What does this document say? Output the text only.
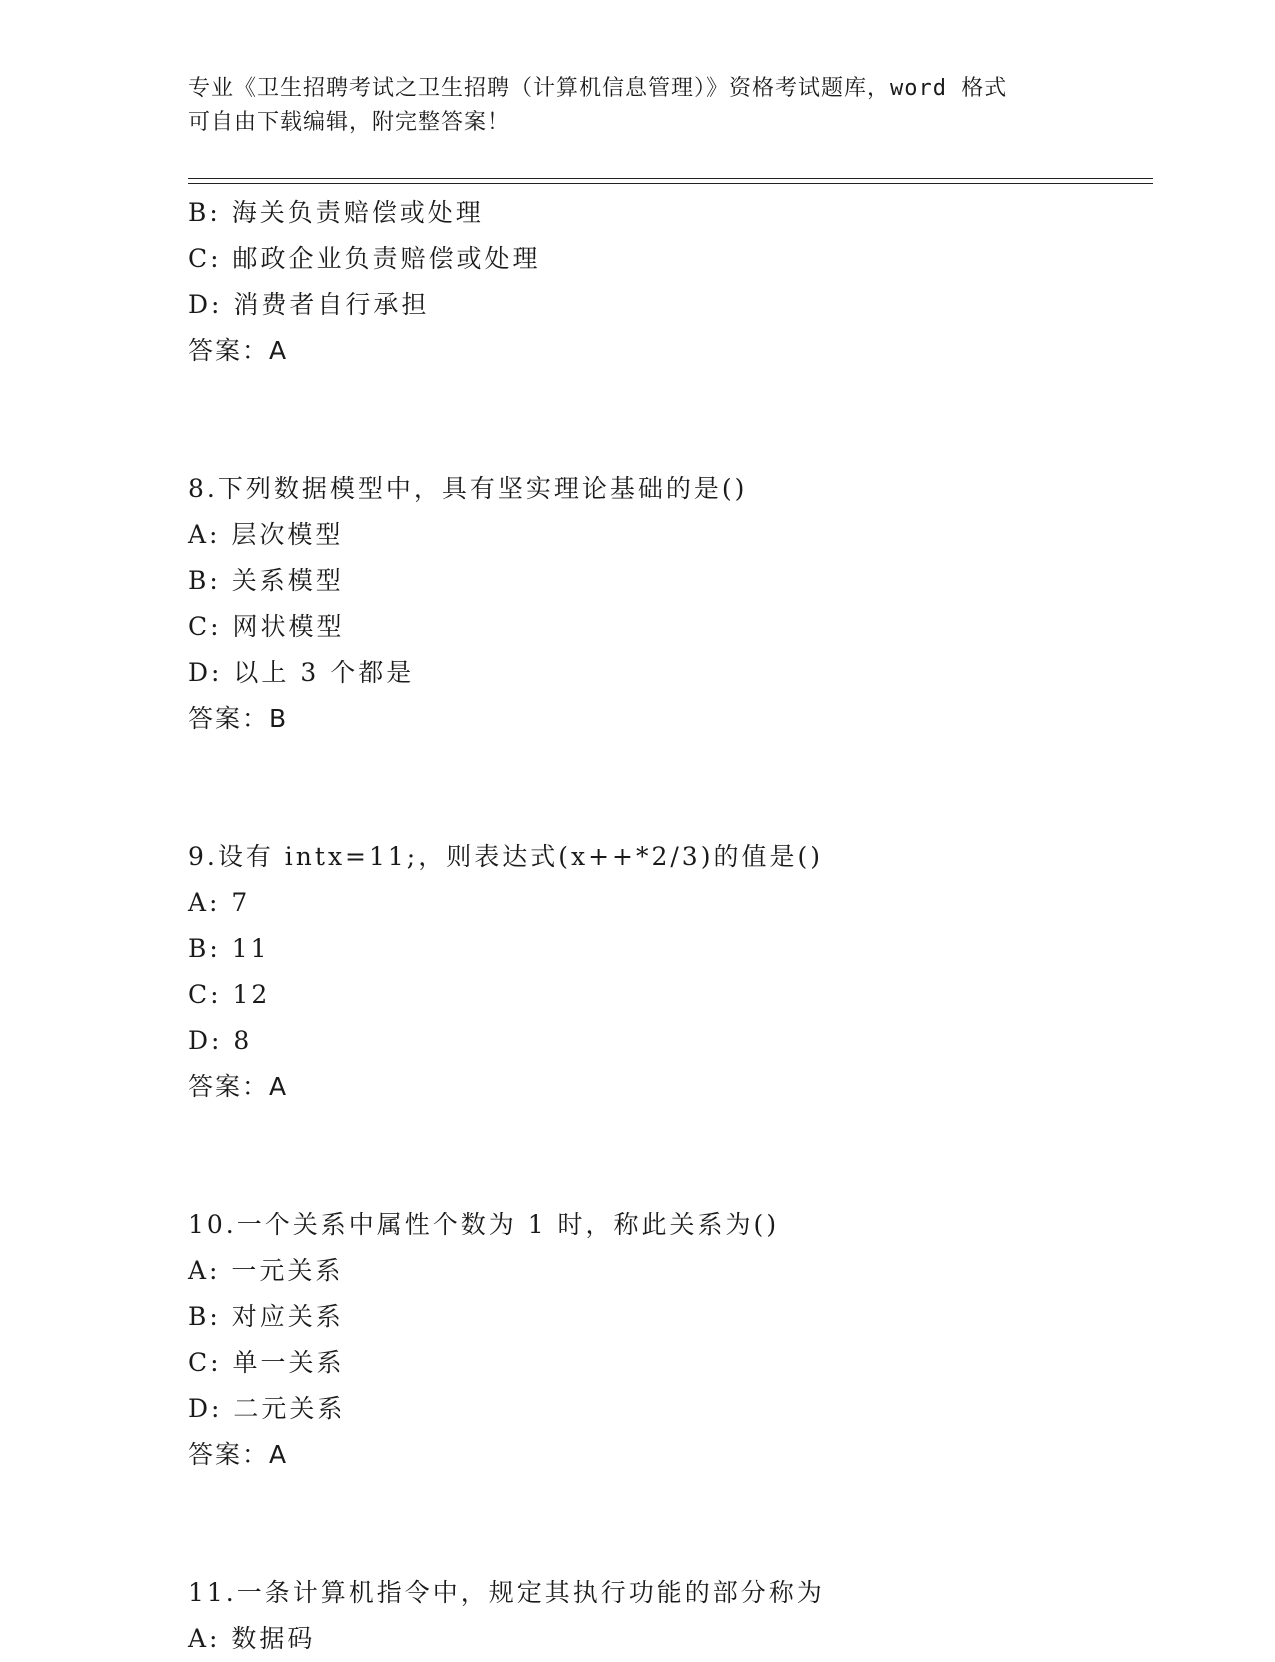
专业《卫生招聘考试之卫生招聘（计算机信息管理）》资格考试题库，word 格式
可自由下载编辑，附完整答案！
B: 海关负责赔偿或处理
C: 邮政企业负责赔偿或处理
D: 消费者自行承担
答案：A
8.下列数据模型中，具有坚实理论基础的是()
A: 层次模型
B: 关系模型
C: 网状模型
D: 以上 3 个都是
答案：B
9.设有 intx=11;，则表达式(x++*2/3)的值是()
A: 7
B: 11
C: 12
D: 8
答案：A
10.一个关系中属性个数为 1 时，称此关系为()
A: 一元关系
B: 对应关系
C: 单一关系
D: 二元关系
答案：A
11.一条计算机指令中，规定其执行功能的部分称为
A: 数据码
